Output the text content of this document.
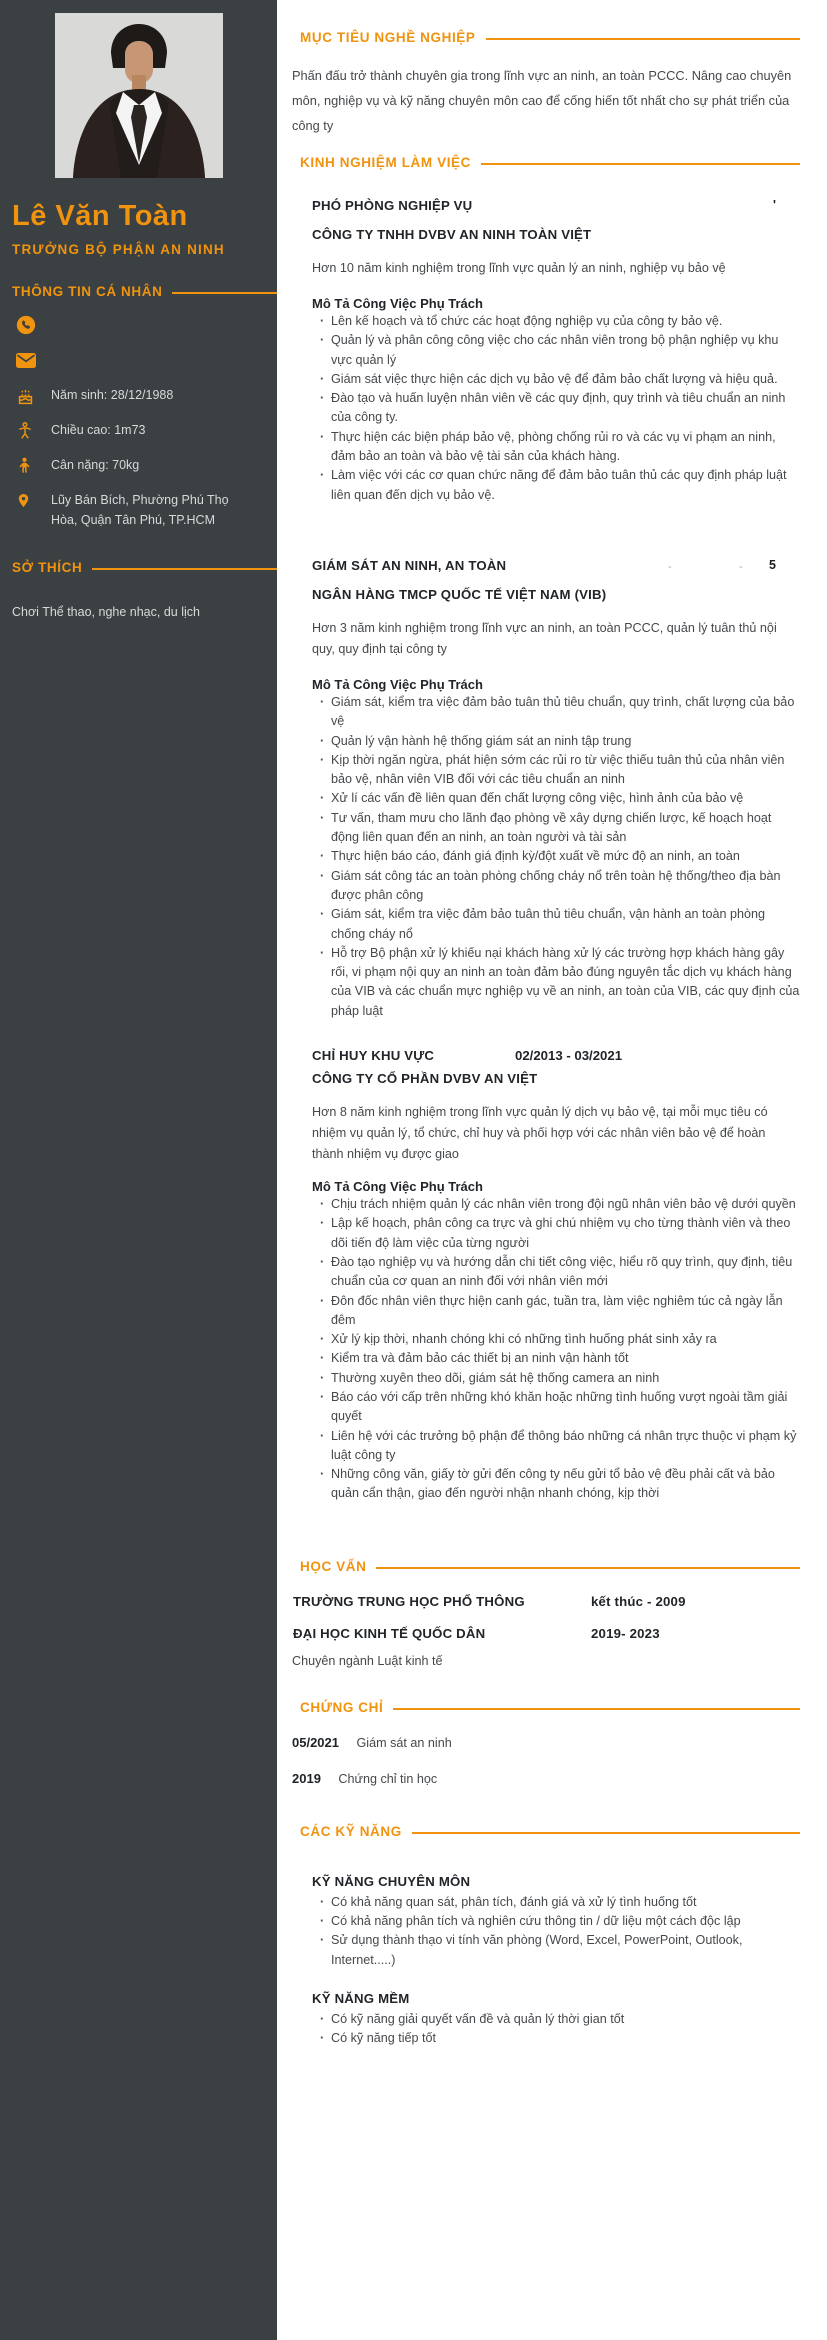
Lê Văn Toàn
TRƯỞNG BỘ PHẬN AN NINH
THÔNG TIN CÁ NHÂN
Năm sinh: 28/12/1988
Chiều cao: 1m73
Cân nặng: 70kg
Lũy Bán Bích, Phường Phú Thọ Hòa, Quận Tân Phú, TP.HCM
SỞ THÍCH
Chơi Thể thao, nghe nhạc, du lịch
MỤC TIÊU NGHỀ NGHIỆP

Phấn đấu trở thành chuyên gia trong lĩnh vực an ninh, an toàn PCCC. Nâng cao chuyên môn, nghiệp vụ và kỹ năng chuyên môn cao để cống hiến tốt nhất cho sự phát triển của công ty

KINH NGHIỆM LÀM VIỆC
PHÓ PHÒNG NGHIỆP VỤ	'
CÔNG TY TNHH DVBV AN NINH TOÀN VIỆT

Hơn 10 năm kinh nghiệm trong lĩnh vực quản lý an ninh, nghiệp vụ bảo vệ

Mô Tả Công Việc Phụ Trách
· Lên kế hoạch và tổ chức các hoạt động nghiệp vụ của công ty bảo vệ.
· Quản lý và phân công công việc cho các nhân viên trong bộ phận nghiệp vụ khu vực quản lý
· Giám sát việc thực hiện các dịch vụ bảo vệ để đảm bảo chất lượng và hiệu quả.
· Đào tạo và huấn luyện nhân viên về các quy định, quy trình và tiêu chuẩn an ninh của công ty.
· Thực hiện các biện pháp bảo vệ, phòng chống rủi ro và các vụ vi phạm an ninh, đảm bảo an toàn và bảo vệ tài sản của khách hàng.
· Làm việc với các cơ quan chức năng để đảm bảo tuân thủ các quy định pháp luật liên quan đến dịch vụ bảo vệ.
GIÁM SÁT AN NINH, AN TOÀN	-	- 5
NGÂN HÀNG TMCP QUỐC TẾ VIỆT NAM (VIB)

Hơn 3 năm kinh nghiệm trong lĩnh vực an ninh, an toàn PCCC, quản lý tuân thủ nội quy, quy định tại công ty

Mô Tả Công Việc Phụ Trách
· Giám sát, kiểm tra việc đảm bảo tuân thủ tiêu chuẩn, quy trình, chất lượng của bảo vệ
· Quản lý vận hành hệ thống giám sát an ninh tập trung
· Kịp thời ngăn ngừa, phát hiện sớm các rủi ro từ việc thiếu tuân thủ của nhân viên bảo vệ, nhân viên VIB đối với các tiêu chuẩn an ninh
· Xử lí các vấn đề liên quan đến chất lượng công việc, hình ảnh của bảo vệ
· Tư vấn, tham mưu cho lãnh đạo phòng về xây dựng chiến lược, kế hoạch hoạt động liên quan đến an ninh, an toàn người và tài sản
· Thực hiện báo cáo, đánh giá định kỳ/đột xuất về mức độ an ninh, an toàn
· Giám sát công tác an toàn phòng chống cháy nổ trên toàn hệ thống/theo địa bàn được phân công
· Giám sát, kiểm tra việc đảm bảo tuân thủ tiêu chuẩn, vận hành an toàn phòng chống cháy nổ
· Hỗ trợ Bộ phận xử lý khiếu nại khách hàng xử lý các trường hợp khách hàng gây rối, vi phạm nội quy an ninh an toàn đảm bảo đúng nguyên tắc dịch vụ khách hàng của VIB và các chuẩn mực nghiệp vụ về an ninh, an toàn của VIB, các quy định của pháp luật
CHỈ HUY KHU VỰC	02/2013 - 03/2021
CÔNG TY CỔ PHẦN DVBV AN VIỆT

Hơn 8 năm kinh nghiệm trong lĩnh vực quản lý dịch vụ bảo vệ, tại mỗi mục tiêu có nhiệm vụ quản lý, tổ chức, chỉ huy và phối hợp với các nhân viên bảo vệ để hoàn thành nhiệm vụ được giao

Mô Tả Công Việc Phụ Trách
· Chịu trách nhiệm quản lý các nhân viên trong đội ngũ nhân viên bảo vệ dưới quyền
· Lập kế hoạch, phân công ca trực và ghi chú nhiệm vụ cho từng thành viên và theo dõi tiến độ làm việc của từng người
· Đào tạo nghiệp vụ và hướng dẫn chi tiết công việc, hiểu rõ quy trình, quy định, tiêu chuẩn của cơ quan an ninh đối với nhân viên mới
· Đôn đốc nhân viên thực hiện canh gác, tuần tra, làm việc nghiêm túc cả ngày lẫn đêm
· Xử lý kịp thời, nhanh chóng khi có những tình huống phát sinh xảy ra
· Kiểm tra và đảm bảo các thiết bị an ninh vận hành tốt
· Thường xuyên theo dõi, giám sát hệ thống camera an ninh
· Báo cáo với cấp trên những khó khăn hoặc những tình huống vượt ngoài tầm giải quyết
· Liên hệ với các trưởng bộ phận để thông báo những cá nhân trực thuộc vi phạm kỷ luật công ty
· Những công văn, giấy tờ gửi đến công ty nếu gửi tổ bảo vệ đều phải cất và bảo quản cẩn thận, giao đến người nhận nhanh chóng, kịp thời
HỌC VẤN
TRƯỜNG TRUNG HỌC PHỔ THÔNG	kết thúc - 2009
ĐẠI HỌC KINH TẾ QUỐC DÂN	2019- 2023
Chuyên ngành Luật kinh tế
CHỨNG CHỈ
05/2021 Giám sát an ninh
2019 Chứng chỉ tin học
CÁC KỸ NĂNG
KỸ NĂNG CHUYÊN MÔN
· Có khả năng quan sát, phân tích, đánh giá và xử lý tình huống tốt
· Có khả năng phân tích và nghiên cứu thông tin / dữ liệu một cách độc lập
· Sử dụng thành thạo vi tính văn phòng (Word, Excel, PowerPoint, Outlook, Internet.....)
KỸ NĂNG MỀM
· Có kỹ năng giải quyết vấn đề và quản lý thời gian tốt
· Có kỹ năng tiếp tốt
